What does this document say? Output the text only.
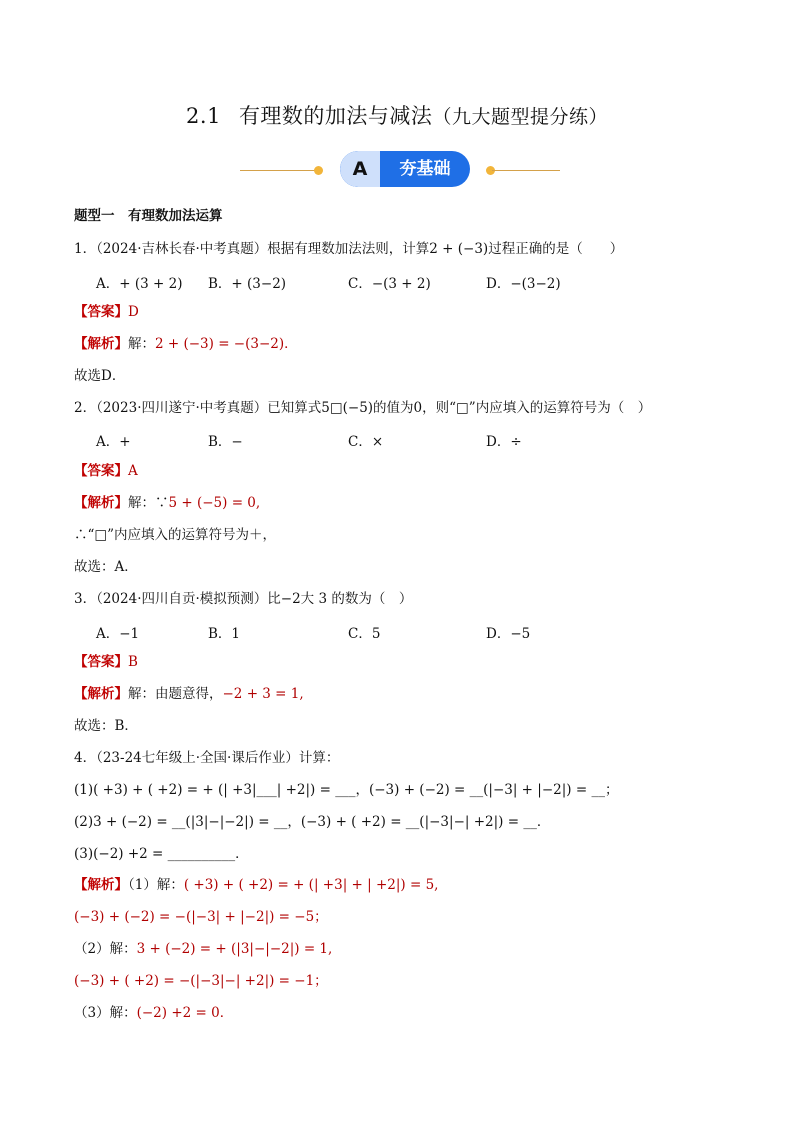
2.1 有理数的加法与减法（九大题型提分练）
A	夯基础
题型一　有理数加法运算
1．（2024·吉林长春·中考真题）根据有理数加法法则，计算2 + (−3)过程正确的是（　　）
A．+ (3 + 2) B．+ (3−2)	C．−(3 + 2)	D．−(3−2)
【答案】D
【解析】解：2 + (−3) = −(3−2)．
故选D．
2．（2023·四川遂宁·中考真题）已知算式5□(−5)的值为0，则“□”内应填入的运算符号为（　）
A．+	B．−	C．×	D．÷
【答案】A
【解析】解：∵5 + (−5) = 0,
∴“□”内应填入的运算符号为＋，
故选：A．
3．（2024·四川自贡·模拟预测）比−2大 3 的数为（　）
A．−1	B．1	C．5	D．−5
【答案】B
【解析】解：由题意得，−2 + 3 = 1,
故选：B．
4．（23-24七年级上·全国·课后作业）计算：
(1)( +3) + ( +2) = + (| +3|___| +2|) = ___，(−3) + (−2) = __(|−3| + |−2|) = __；
(2)3 + (−2) = __(|3|−|−2|) = __，(−3) + ( +2) = __(|−3|−| +2|) = __．
(3)(−2) +2 = __________．
【解析】（1）解：( +3) + ( +2) = + (| +3| + | +2|) = 5,
(−3) + (−2) = −(|−3| + |−2|) = −5；
（2）解：3 + (−2) = + (|3|−|−2|) = 1,
(−3) + ( +2) = −(|−3|−| +2|) = −1；
（3）解：(−2) +2 = 0．
